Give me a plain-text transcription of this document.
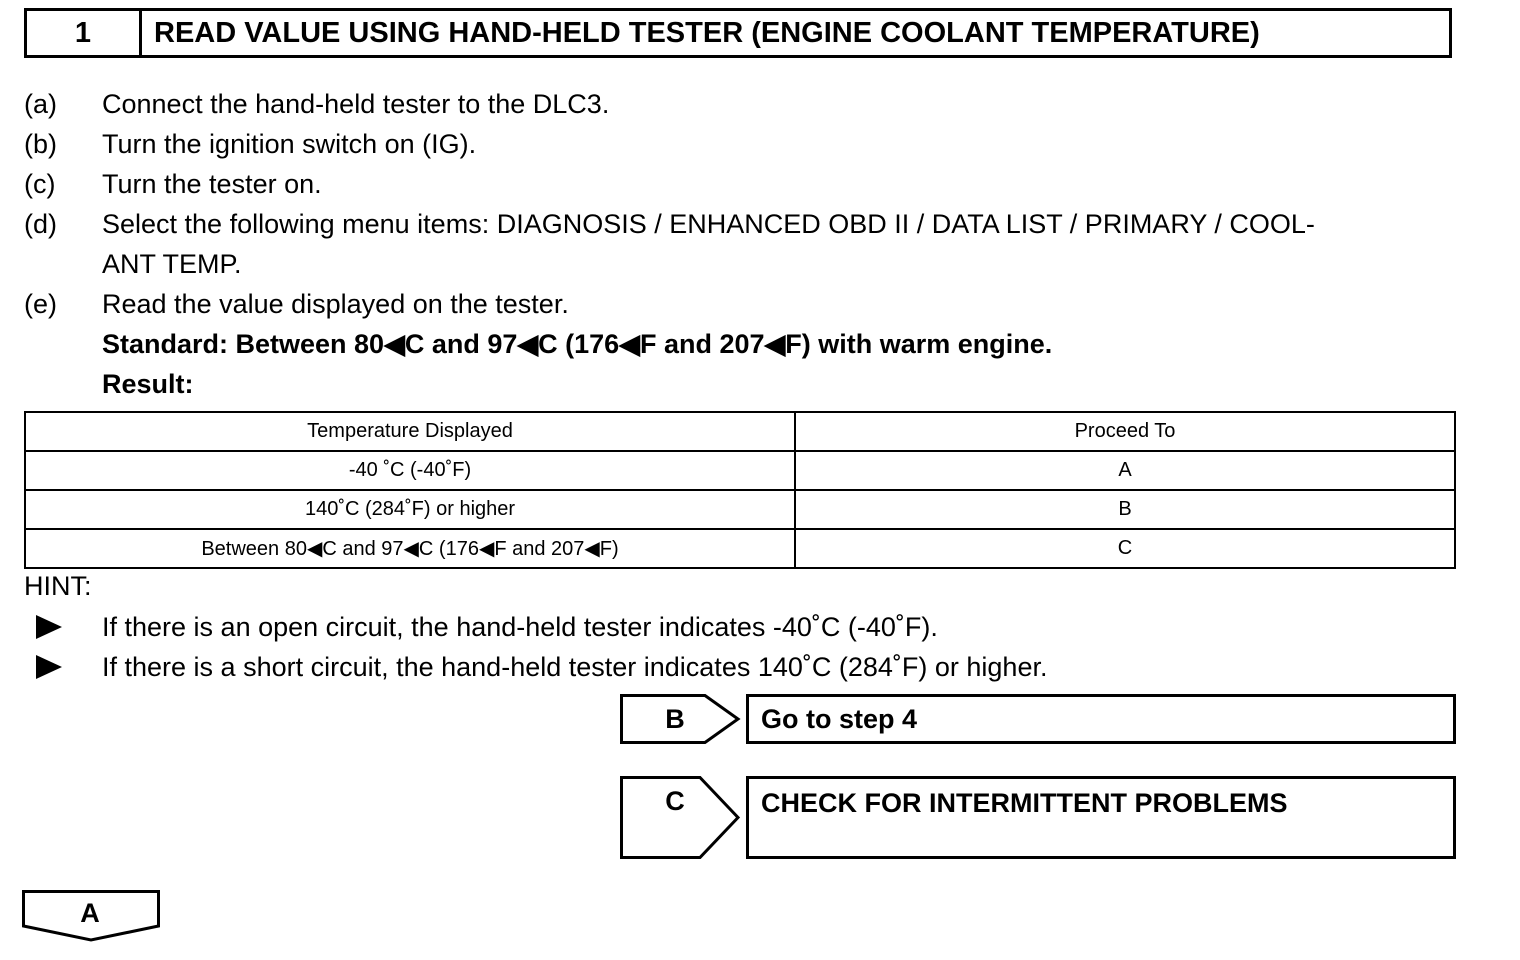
1	READ VALUE USING HAND-HELD TESTER (ENGINE COOLANT TEMPERATURE)
(a)	Connect the hand-held tester to the DLC3.
(b)	Turn the ignition switch on (IG).
(c)	Turn the tester on.
(d)	Select the following menu items: DIAGNOSIS / ENHANCED OBD II / DATA LIST / PRIMARY / COOL-
ANT TEMP.
(e)	Read the value displayed on the tester.
Standard: Between 80◀C and 97◀C (176◀F and 207◀F) with warm engine.
Result:
Temperature Displayed	Proceed To
-40 ˚C (-40˚F)	A
140˚C (284˚F) or higher	B
Between 80◀C and 97◀C (176◀F and 207◀F)	C
HINT:
If there is an open circuit, the hand-held tester indicates -40˚C (-40˚F).
If there is a short circuit, the hand-held tester indicates 140˚C (284˚F) or higher.
B	Go to step 4
C	CHECK FOR INTERMITTENT PROBLEMS
A
